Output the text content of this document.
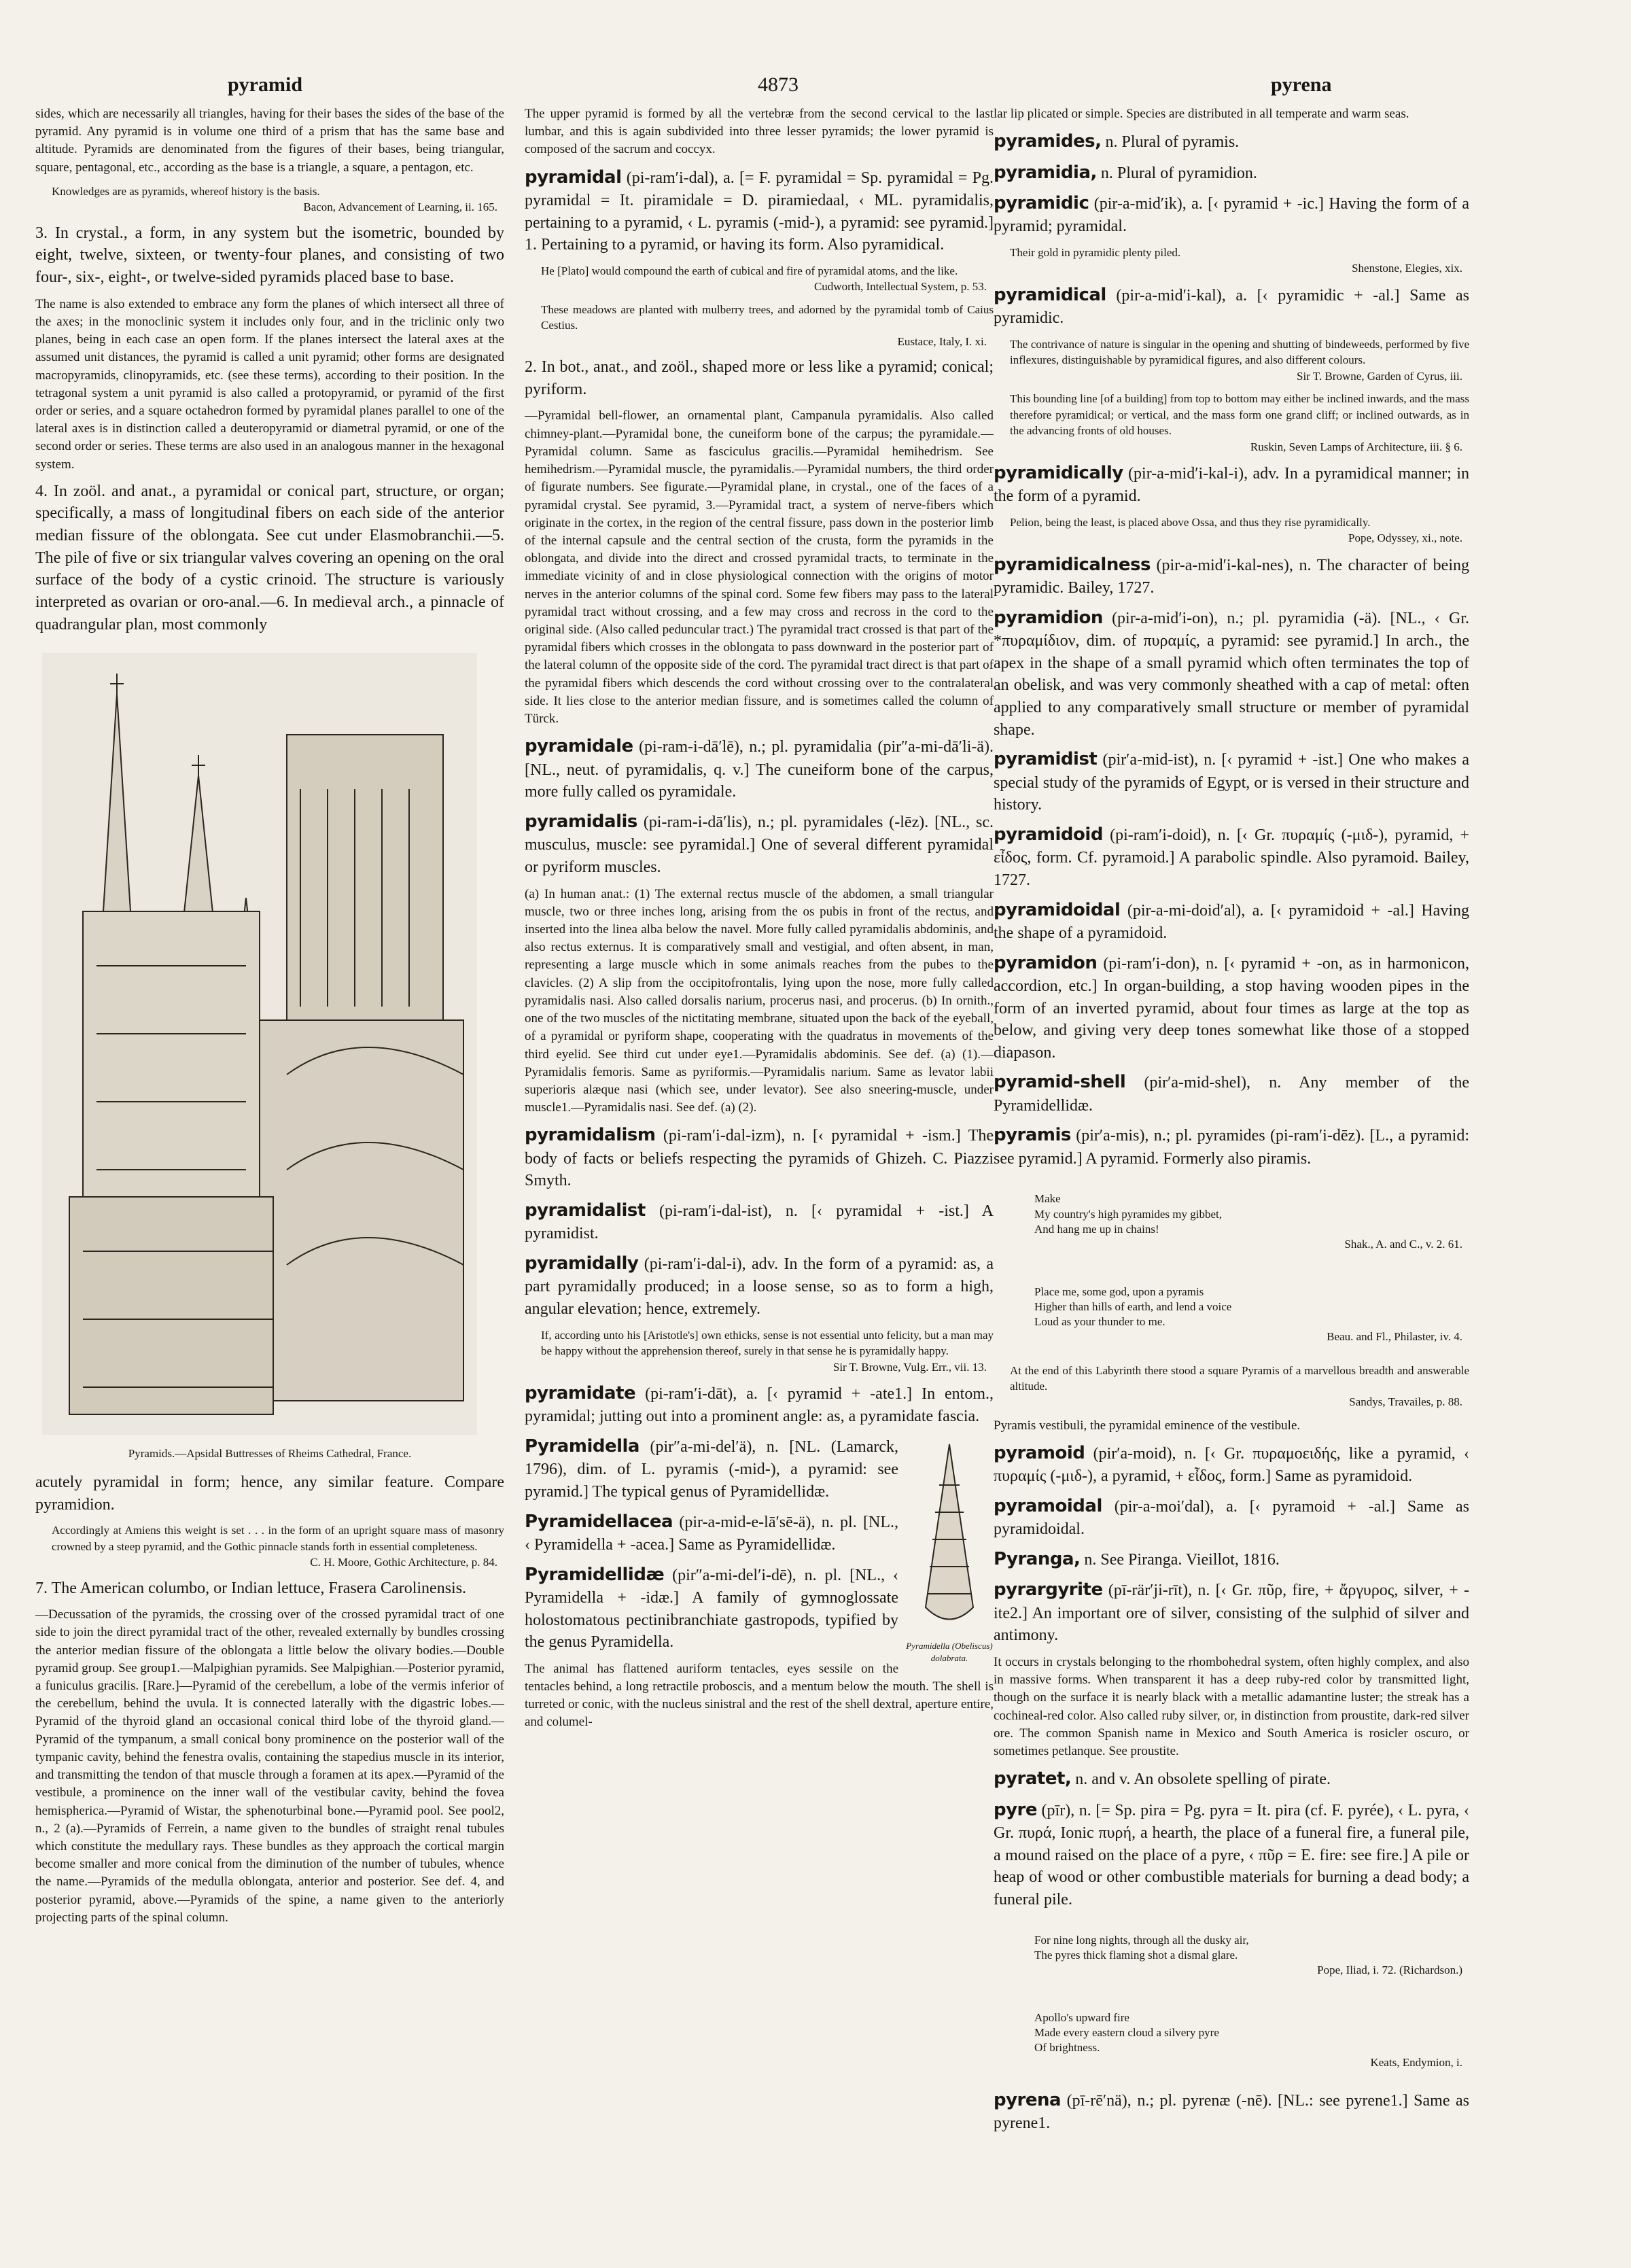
pyramid	4873	pyrena

sides, which are necessarily all triangles, having for their bases the sides of the base of the pyramid. Any pyramid is in volume one third of a prism that has the same base and altitude. Pyramids are denominated from the figures of their bases, being triangular, square, pentagonal, etc., according as the base is a triangle, a square, a pentagon, etc.

Knowledges are as pyramids, whereof history is the basis.
Bacon, Advancement of Learning, ii. 165.

3. In crystal., a form, in any system but the isometric, bounded by eight, twelve, sixteen, or twenty-four planes, and consisting of two four-, six-, eight-, or twelve-sided pyramids placed base to base.

The name is also extended to embrace any form the planes of which intersect all three of the axes; in the monoclinic system it includes only four, and in the triclinic only two planes, being in each case an open form. If the planes intersect the lateral axes at the assumed unit distances, the pyramid is called a unit pyramid; other forms are designated macropyramids, clinopyramids, etc. (see these terms), according to their position. In the tetragonal system a unit pyramid is also called a protopyramid, or pyramid of the first order or series, and a square octahedron formed by pyramidal planes parallel to one of the lateral axes is in distinction called a deuteropyramid or diametral pyramid, or one of the second order or series. These terms are also used in an analogous manner in the hexagonal system.

4. In zoöl. and anat., a pyramidal or conical part, structure, or organ; specifically, a mass of longitudinal fibers on each side of the anterior median fissure of the oblongata. See cut under Elasmobranchii.—5. The pile of five or six triangular valves covering an opening on the oral surface of the body of a cystic crinoid. The structure is variously interpreted as ovarian or oro-anal.—6. In medieval arch., a pinnacle of quadrangular plan, most commonly

Pyramids.—Apsidal Buttresses of Rheims Cathedral, France.

acutely pyramidal in form; hence, any similar feature. Compare pyramidion.

Accordingly at Amiens this weight is set . . . in the form of an upright square mass of masonry crowned by a steep pyramid, and the Gothic pinnacle stands forth in essential completeness.
C. H. Moore, Gothic Architecture, p. 84.

7. The American columbo, or Indian lettuce, Frasera Carolinensis.

—Decussation of the pyramids, the crossing over of the crossed pyramidal tract of one side to join the direct pyramidal tract of the other, revealed externally by bundles crossing the anterior median fissure of the oblongata a little below the olivary bodies.—Double pyramid group. See group1.—Malpighian pyramids. See Malpighian.—Posterior pyramid, a funiculus gracilis. [Rare.]—Pyramid of the cerebellum, a lobe of the vermis inferior of the cerebellum, behind the uvula. It is connected laterally with the digastric lobes.—Pyramid of the thyroid gland an occasional conical third lobe of the thyroid gland.—Pyramid of the tympanum, a small conical bony prominence on the posterior wall of the tympanic cavity, behind the fenestra ovalis, containing the stapedius muscle in its interior, and transmitting the tendon of that muscle through a foramen at its apex.—Pyramid of the vestibule, a prominence on the inner wall of the vestibular cavity, behind the fovea hemispherica.—Pyramid of Wistar, the sphenoturbinal bone.—Pyramid pool. See pool2, n., 2 (a).—Pyramids of Ferrein, a name given to the bundles of straight renal tubules which constitute the medullary rays. These bundles as they approach the cortical margin become smaller and more conical from the diminution of the number of tubules, whence the name.—Pyramids of the medulla oblongata, anterior and posterior. See def. 4, and posterior pyramid, above.—Pyramids of the spine, a name given to the anteriorly projecting parts of the spinal column.

The upper pyramid is formed by all the vertebræ from the second cervical to the last lumbar, and this is again subdivided into three lesser pyramids; the lower pyramid is composed of the sacrum and coccyx.

pyramidal (pi-ram′i-dal), a. [= F. pyramidal = Sp. pyramidal = Pg. pyramidal = It. piramidale = D. piramiedaal, ‹ ML. pyramidalis, pertaining to a pyramid, ‹ L. pyramis (-mid-), a pyramid: see pyramid.] 1. Pertaining to a pyramid, or having its form. Also pyramidical.

He [Plato] would compound the earth of cubical and fire of pyramidal atoms, and the like.
Cudworth, Intellectual System, p. 53.
These meadows are planted with mulberry trees, and adorned by the pyramidal tomb of Caius Cestius.
Eustace, Italy, I. xi.

2. In bot., anat., and zoöl., shaped more or less like a pyramid; conical; pyriform.

—Pyramidal bell-flower, an ornamental plant, Campanula pyramidalis. Also called chimney-plant.—Pyramidal bone, the cuneiform bone of the carpus; the pyramidale.—Pyramidal column. Same as fasciculus gracilis.—Pyramidal hemihedrism. See hemihedrism.—Pyramidal muscle, the pyramidalis.—Pyramidal numbers, the third order of figurate numbers. See figurate.—Pyramidal plane, in crystal., one of the faces of a pyramidal crystal. See pyramid, 3.—Pyramidal tract, a system of nerve-fibers which originate in the cortex, in the region of the central fissure, pass down in the posterior limb of the internal capsule and the central section of the crusta, form the pyramids in the oblongata, and divide into the direct and crossed pyramidal tracts, to terminate in the immediate vicinity of and in close physiological connection with the origins of motor nerves in the anterior columns of the spinal cord. Some few fibers may pass to the lateral pyramidal tract without crossing, and a few may cross and recross in the cord to the original side. (Also called peduncular tract.) The pyramidal tract crossed is that part of the pyramidal fibers which crosses in the oblongata to pass downward in the posterior part of the lateral column of the opposite side of the cord. The pyramidal tract direct is that part of the pyramidal fibers which descends the cord without crossing over to the contralateral side. It lies close to the anterior median fissure, and is sometimes called the column of Türck.

pyramidale (pi-ram-i-dā′lē), n.; pl. pyramidalia (pir″a-mi-dā′li-ä). [NL., neut. of pyramidalis, q. v.] The cuneiform bone of the carpus, more fully called os pyramidale.

pyramidalis (pi-ram-i-dā′lis), n.; pl. pyramidales (-lēz). [NL., sc. musculus, muscle: see pyramidal.] One of several different pyramidal or pyriform muscles.

(a) In human anat.: (1) The external rectus muscle of the abdomen, a small triangular muscle, two or three inches long, arising from the os pubis in front of the rectus, and inserted into the linea alba below the navel. More fully called pyramidalis abdominis, and also rectus externus. It is comparatively small and vestigial, and often absent, in man, representing a large muscle which in some animals reaches from the pubes to the clavicles. (2) A slip from the occipitofrontalis, lying upon the nose, more fully called pyramidalis nasi. Also called dorsalis narium, procerus nasi, and procerus. (b) In ornith., one of the two muscles of the nictitating membrane, situated upon the back of the eyeball, of a pyramidal or pyriform shape, cooperating with the quadratus in movements of the third eyelid. See third cut under eye1.—Pyramidalis abdominis. See def. (a) (1).—Pyramidalis femoris. Same as pyriformis.—Pyramidalis narium. Same as levator labii superioris alæque nasi (which see, under levator). See also sneering-muscle, under muscle1.—Pyramidalis nasi. See def. (a) (2).

pyramidalism (pi-ram′i-dal-izm), n. [‹ pyramidal + -ism.] The body of facts or beliefs respecting the pyramids of Ghizeh. C. Piazzi Smyth.

pyramidalist (pi-ram′i-dal-ist), n. [‹ pyramidal + -ist.] A pyramidist.

pyramidally (pi-ram′i-dal-i), adv. In the form of a pyramid: as, a part pyramidally produced; in a loose sense, so as to form a high, angular elevation; hence, extremely.

If, according unto his [Aristotle's] own ethicks, sense is not essential unto felicity, but a man may be happy without the apprehension thereof, surely in that sense he is pyramidally happy.
Sir T. Browne, Vulg. Err., vii. 13.

pyramidate (pi-ram′i-dāt), a. [‹ pyramid + -ate1.] In entom., pyramidal; jutting out into a prominent angle: as, a pyramidate fascia.

Pyramidella (Obeliscus) dolabrata.

Pyramidella (pir″a-mi-del′ä), n. [NL. (Lamarck, 1796), dim. of L. pyramis (-mid-), a pyramid: see pyramid.] The typical genus of Pyramidellidæ.

Pyramidellacea (pir-a-mid-e-lā′sē-ä), n. pl. [NL., ‹ Pyramidella + -acea.] Same as Pyramidellidæ.

Pyramidellidæ (pir″a-mi-del′i-dē), n. pl. [NL., ‹ Pyramidella + -idæ.] A family of gymnoglossate holostomatous pectinibranchiate gastropods, typified by the genus Pyramidella.

The animal has flattened auriform tentacles, eyes sessile on the tentacles behind, a long retractile proboscis, and a mentum below the mouth. The shell is turreted or conic, with the nucleus sinistral and the rest of the shell dextral, aperture entire, and columel-

lar lip plicated or simple. Species are distributed in all temperate and warm seas.

pyramides, n. Plural of pyramis.

pyramidia, n. Plural of pyramidion.

pyramidic (pir-a-mid′ik), a. [‹ pyramid + -ic.] Having the form of a pyramid; pyramidal.

Their gold in pyramidic plenty piled.
Shenstone, Elegies, xix.

pyramidical (pir-a-mid′i-kal), a. [‹ pyramidic + -al.] Same as pyramidic.

The contrivance of nature is singular in the opening and shutting of bindeweeds, performed by five inflexures, distinguishable by pyramidical figures, and also different colours.
Sir T. Browne, Garden of Cyrus, iii.
This bounding line [of a building] from top to bottom may either be inclined inwards, and the mass therefore pyramidical; or vertical, and the mass form one grand cliff; or inclined outwards, as in the advancing fronts of old houses.
Ruskin, Seven Lamps of Architecture, iii. § 6.

pyramidically (pir-a-mid′i-kal-i), adv. In a pyramidical manner; in the form of a pyramid.

Pelion, being the least, is placed above Ossa, and thus they rise pyramidically.
Pope, Odyssey, xi., note.

pyramidicalness (pir-a-mid′i-kal-nes), n. The character of being pyramidic. Bailey, 1727.

pyramidion (pir-a-mid′i-on), n.; pl. pyramidia (-ä). [NL., ‹ Gr. *πυραμίδιον, dim. of πυραμίς, a pyramid: see pyramid.] In arch., the apex in the shape of a small pyramid which often terminates the top of an obelisk, and was very commonly sheathed with a cap of metal: often applied to any comparatively small structure or member of pyramidal shape.

pyramidist (pir′a-mid-ist), n. [‹ pyramid + -ist.] One who makes a special study of the pyramids of Egypt, or is versed in their structure and history.

pyramidoid (pi-ram′i-doid), n. [‹ Gr. πυραμίς (-μιδ-), pyramid, + εἶδος, form. Cf. pyramoid.] A parabolic spindle. Also pyramoid. Bailey, 1727.

pyramidoidal (pir-a-mi-doid′al), a. [‹ pyramidoid + -al.] Having the shape of a pyramidoid.

pyramidon (pi-ram′i-don), n. [‹ pyramid + -on, as in harmonicon, accordion, etc.] In organ-building, a stop having wooden pipes in the form of an inverted pyramid, about four times as large at the top as below, and giving very deep tones somewhat like those of a stopped diapason.

pyramid-shell (pir′a-mid-shel), n. Any member of the Pyramidellidæ.

pyramis (pir′a-mis), n.; pl. pyramides (pi-ram′i-dēz). [L., a pyramid: see pyramid.] A pyramid. Formerly also piramis.

Make
My country's high pyramides my gibbet,
And hang me up in chains!

Shak., A. and C., v. 2. 61.

Place me, some god, upon a pyramis
Higher than hills of earth, and lend a voice
Loud as your thunder to me.

Beau. and Fl., Philaster, iv. 4.

At the end of this Labyrinth there stood a square Pyramis of a marvellous breadth and answerable altitude.
Sandys, Travailes, p. 88.

Pyramis vestibuli, the pyramidal eminence of the vestibule.

pyramoid (pir′a-moid), n. [‹ Gr. πυραμοειδής, like a pyramid, ‹ πυραμίς (-μιδ-), a pyramid, + εἶδος, form.] Same as pyramidoid.

pyramoidal (pir-a-moi′dal), a. [‹ pyramoid + -al.] Same as pyramidoidal.

Pyranga, n. See Piranga. Vieillot, 1816.

pyrargyrite (pī-rär′ji-rīt), n. [‹ Gr. πῦρ, fire, + ἄργυρος, silver, + -ite2.] An important ore of silver, consisting of the sulphid of silver and antimony.

It occurs in crystals belonging to the rhombohedral system, often highly complex, and also in massive forms. When transparent it has a deep ruby-red color by transmitted light, though on the surface it is nearly black with a metallic adamantine luster; the streak has a cochineal-red color. Also called ruby silver, or, in distinction from proustite, dark-red silver ore. The common Spanish name in Mexico and South America is rosicler oscuro, or sometimes petlanque. See proustite.

pyratet, n. and v. An obsolete spelling of pirate.

pyre (pīr), n. [= Sp. pira = Pg. pyra = It. pira (cf. F. pyrée), ‹ L. pyra, ‹ Gr. πυρά, Ionic πυρή, a hearth, the place of a funeral fire, a funeral pile, a mound raised on the place of a pyre, ‹ πῦρ = E. fire: see fire.] A pile or heap of wood or other combustible materials for burning a dead body; a funeral pile.

For nine long nights, through all the dusky air,
The pyres thick flaming shot a dismal glare.

Pope, Iliad, i. 72. (Richardson.)

Apollo's upward fire
Made every eastern cloud a silvery pyre
Of brightness.

Keats, Endymion, i.

pyrena (pī-rē′nä), n.; pl. pyrenæ (-nē). [NL.: see pyrene1.] Same as pyrene1.
